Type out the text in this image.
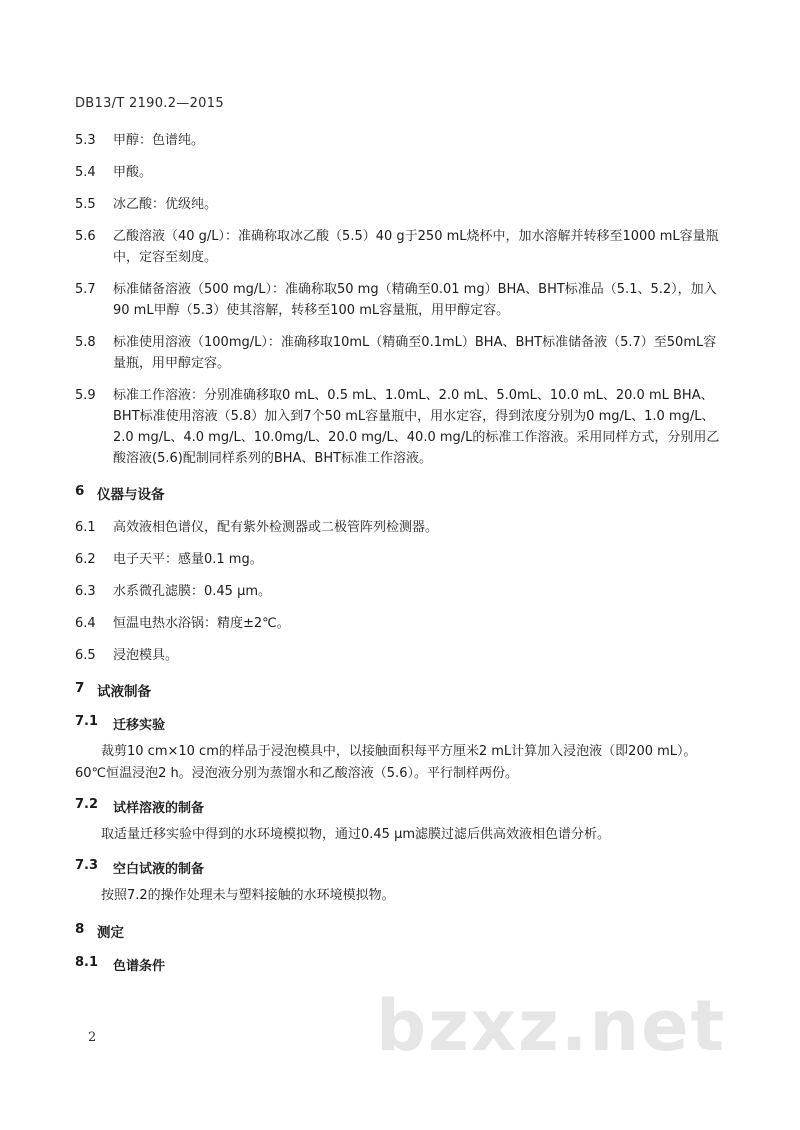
DB13/T 2190.2—2015
5.3	甲醇：色谱纯。
5.4	甲酸。
5.5	冰乙酸：优级纯。
5.6	乙酸溶液（40 g/L）：准确称取冰乙酸（5.5）40 g于250 mL烧杯中，加水溶解并转移至1000 mL容量瓶中，定容至刻度。
5.7	标准储备溶液（500 mg/L）：准确称取50 mg（精确至0.01 mg）BHA、BHT标准品（5.1、5.2），加入90 mL甲醇（5.3）使其溶解，转移至100 mL容量瓶，用甲醇定容。
5.8	标准使用溶液（100mg/L）：准确移取10mL（精确至0.1mL）BHA、BHT标准储备液（5.7）至50mL容量瓶，用甲醇定容。
5.9	标准工作溶液：分别准确移取0 mL、0.5 mL、1.0mL、2.0 mL、5.0mL、10.0 mL、20.0 mL BHA、BHT标准使用溶液（5.8）加入到7个50 mL容量瓶中，用水定容，得到浓度分别为0 mg/L、1.0 mg/L、2.0 mg/L、4.0 mg/L、10.0mg/L、20.0 mg/L、40.0 mg/L的标准工作溶液。采用同样方式，分别用乙酸溶液(5.6)配制同样系列的BHA、BHT标准工作溶液。
6 仪器与设备
6.1	高效液相色谱仪，配有紫外检测器或二极管阵列检测器。
6.2	电子天平：感量0.1 mg。
6.3	水系微孔滤膜：0.45 μm。
6.4	恒温电热水浴锅：精度±2℃。
6.5	浸泡模具。
7 试液制备
7.1	迁移实验
裁剪10 cm×10 cm的样品于浸泡模具中，以接触面积每平方厘米2 mL计算加入浸泡液（即200 mL）。60℃恒温浸泡2 h。浸泡液分别为蒸馏水和乙酸溶液（5.6）。平行制样两份。
7.2	试样溶液的制备
取适量迁移实验中得到的水环境模拟物，通过0.45 μm滤膜过滤后供高效液相色谱分析。
7.3	空白试液的制备
按照7.2的操作处理未与塑料接触的水环境模拟物。
8 测定
8.1	色谱条件
bzxz.net
2
